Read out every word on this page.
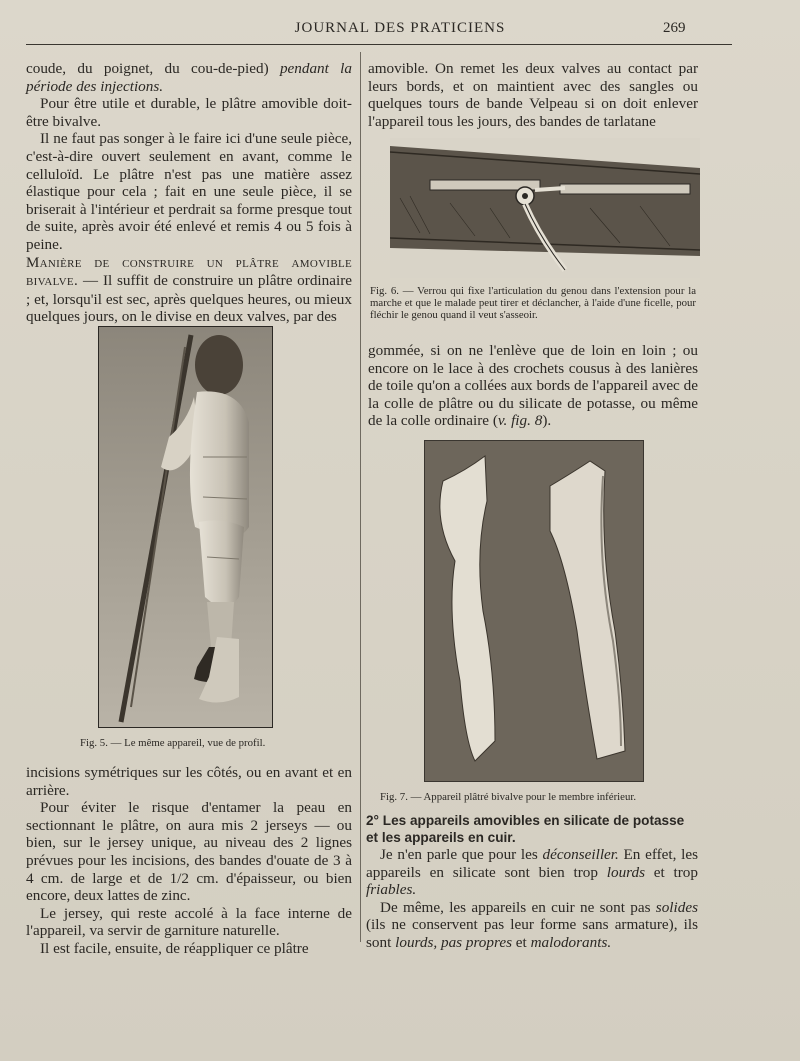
JOURNAL DES PRATICIENS	269

coude, du poignet, du cou-de-pied) pendant la période des injections.

Pour être utile et durable, le plâtre amovible doit-être bivalve.

Il ne faut pas songer à le faire ici d'une seule pièce, c'est-à-dire ouvert seulement en avant, comme le celluloïd. Le plâtre n'est pas une matière assez élastique pour cela ; fait en une seule pièce, il se briserait à l'intérieur et perdrait sa forme presque tout de suite, après avoir été enlevé et remis 4 ou 5 fois à peine.

Manière de construire un plâtre amovible bivalve. — Il suffit de construire un plâtre ordinaire ; et, lorsqu'il est sec, après quelques heures, ou mieux quelques jours, on le divise en deux valves, par des

Fig. 5. — Le même appareil, vue de profil.

incisions symétriques sur les côtés, ou en avant et en arrière.

Pour éviter le risque d'entamer la peau en sectionnant le plâtre, on aura mis 2 jerseys — ou bien, sur le jersey unique, au niveau des 2 lignes prévues pour les incisions, des bandes d'ouate de 3 à 4 cm. de large et de 1/2 cm. d'épaisseur, ou bien encore, deux lattes de zinc.

Le jersey, qui reste accolé à la face interne de l'appareil, va servir de garniture naturelle.

Il est facile, ensuite, de réappliquer ce plâtre

amovible. On remet les deux valves au contact par leurs bords, et on maintient avec des sangles ou quelques tours de bande Velpeau si on doit enlever l'appareil tous les jours, des bandes de tarlatane

Fig. 6. — Verrou qui fixe l'articulation du genou dans l'extension pour la marche et que le malade peut tirer et déclancher, à l'aide d'une ficelle, pour fléchir le genou quand il veut s'asseoir.

gommée, si on ne l'enlève que de loin en loin ; ou encore on le lace à des crochets cousus à des lanières de toile qu'on a collées aux bords de l'appareil avec de la colle de plâtre ou du silicate de potasse, ou même de la colle ordinaire (v. fig. 8).

Fig. 7. — Appareil plâtré bivalve pour le membre inférieur.

2° Les appareils amovibles en silicate de potasse et les appareils en cuir.

Je n'en parle que pour les déconseiller. En effet, les appareils en silicate sont bien trop lourds et trop friables.

De même, les appareils en cuir ne sont pas solides (ils ne conservent pas leur forme sans armature), ils sont lourds, pas propres et malodorants.
